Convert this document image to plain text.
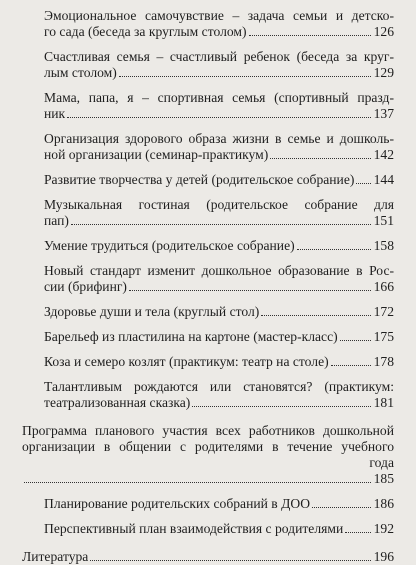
Эмоциональное самочувствие – задача семьи и детско-
го сада (беседа за круглым столом)	126
Счастливая семья – счастливый ребенок (беседа за круг-
лым столом)	129
Мама, папа, я – спортивная семья (спортивный празд-
ник	137
Организация здорового образа жизни в семье и дошколь-
ной организации (семинар-практикум)	142
Развитие творчества у детей (родительское собрание) 144
Музыкальная гостиная (родительское собрание для
пап)	151
Умение трудиться (родительское собрание)	158
Новый стандарт изменит дошкольное образование в Рос-
сии (брифинг)	166
Здоровье души и тела (круглый стол)	172
Барельеф из пластилина на картоне (мастер-класс)	175
Коза и семеро козлят (практикум: театр на столе)	178
Талантливым рождаются или становятся? (практикум:
театрализованная сказка)	181
Программа планового участия всех работников дошкольной
организации в общении с родителями в течение учебного
года
185
Планирование родительских собраний в ДОО	186
Перспективный план взаимодействия с родителями 192
Литература	196
